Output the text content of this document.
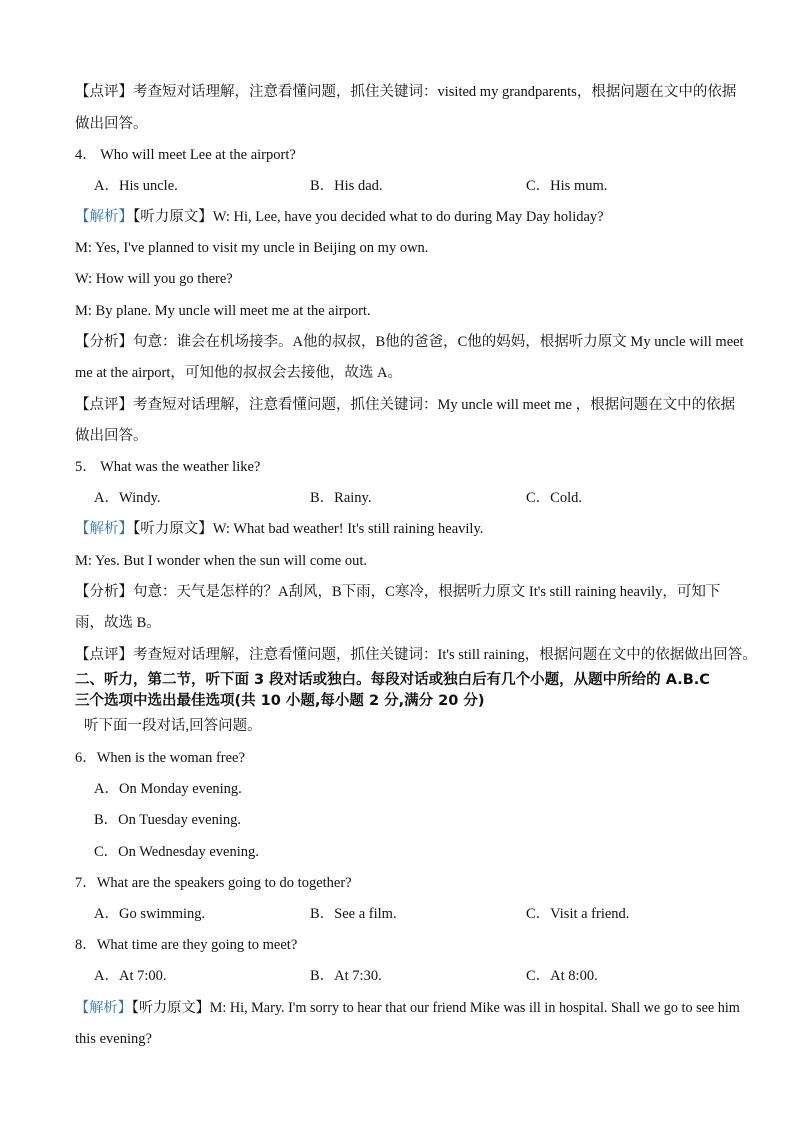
【点评】考查短对话理解，注意看懂问题，抓住关键词：visited my grandparents，根据问题在文中的依据
做出回答。
4． Who will meet Lee at the airport?
A．His uncle.	B．His dad.	C．His mum.
【解析】【听力原文】W: Hi, Lee, have you decided what to do during May Day holiday?
M: Yes, I've planned to visit my uncle in Beijing on my own.
W: How will you go there?
M: By plane. My uncle will meet me at the airport.
【分析】句意：谁会在机场接李。A他的叔叔，B他的爸爸，C他的妈妈，根据听力原文 My uncle will meet
me at the airport，可知他的叔叔会去接他，故选 A。
【点评】考查短对话理解，注意看懂问题，抓住关键词：My uncle will meet me ，根据问题在文中的依据
做出回答。
5． What was the weather like?
A．Windy.	B．Rainy.	C．Cold.
【解析】【听力原文】W: What bad weather! It's still raining heavily.
M: Yes. But I wonder when the sun will come out.
【分析】句意：天气是怎样的？A刮风，B下雨，C寒冷，根据听力原文 It's still raining heavily，可知下
雨，故选 B。
【点评】考查短对话理解，注意看懂问题，抓住关键词：It's still raining，根据问题在文中的依据做出回答。
二、听力，第二节，听下面 3 段对话或独白。每段对话或独白后有几个小题，从题中所给的 A.B.C
三个选项中选出最佳选项(共 10 小题,每小题 2 分,满分 20 分)
听下面一段对话,回答问题。
6．When is the woman free?
A．On Monday evening.
B．On Tuesday evening.
C．On Wednesday evening.
7．What are the speakers going to do together?
A．Go swimming.	B．See a film.	C．Visit a friend.
8．What time are they going to meet?
A．At 7:00.	B．At 7:30.	C．At 8:00.
【解析】【听力原文】M: Hi, Mary. I'm sorry to hear that our friend Mike was ill in hospital. Shall we go to see him
this evening?
